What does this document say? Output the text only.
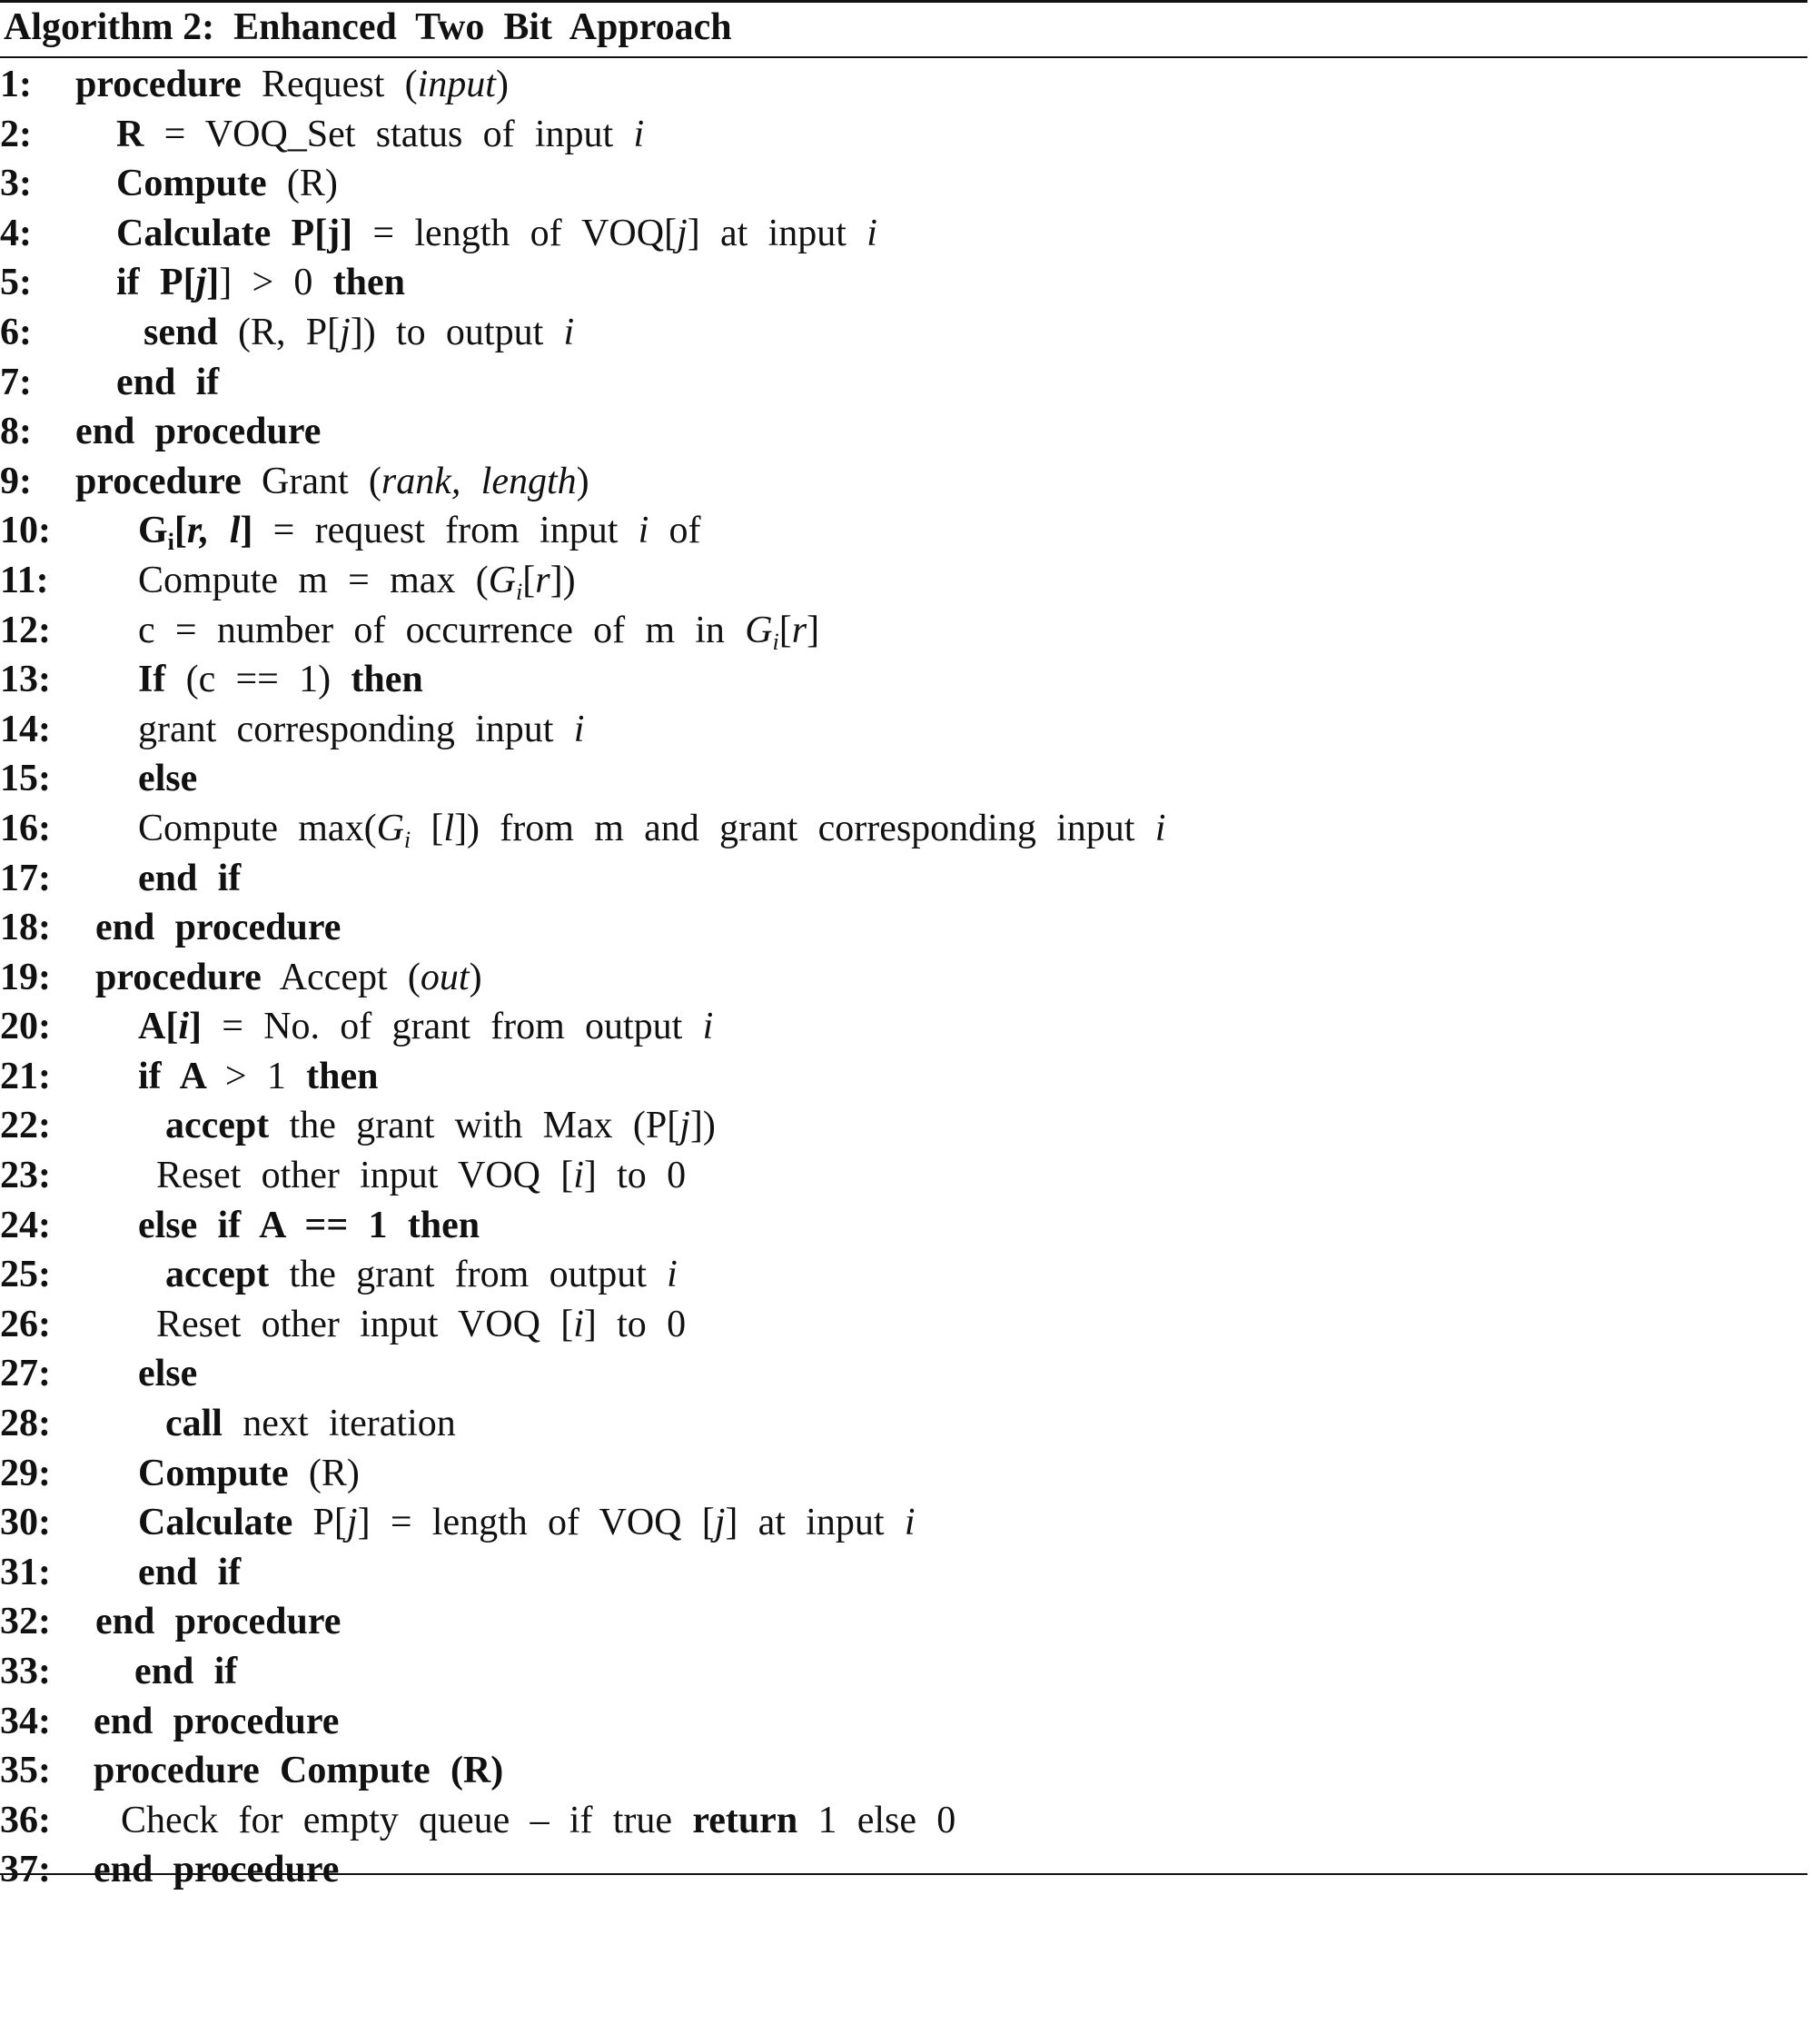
Algorithm 2:  Enhanced  Two  Bit  Approach

1:

procedure Request (input)

2:

R = VOQ_Set status of input i

3:

Compute (R)

4:

Calculate P[j] = length of VOQ[j] at input i

5:

if P[j]] > 0 then

6:

	send (R, P[j]) to output i

7:

end if

8:

end procedure

9:

procedure Grant (rank, length)

10:

$G_i[r$, l] = request from input i of

11:

Compute $m = \max (G_i[r])$

12:

c = number of occurrence of m in $G_i[r]$

13:

If (c == 1) then

14:

grant corresponding input i

15:

else

16:

Compute $\max(G_i$ [l]) from m and grant corresponding input i

17:

end if

18:

end procedure

19:

procedure Accept (out)

20:

A[i] = No. of grant from output i

21:

if A > 1 then

22:

	accept the grant with Max (P[j])

23:

	Reset other input VOQ [i] to 0

24:

else if A == 1 then

25:

	accept the grant from output i

26:

	Reset other input VOQ [i] to 0

27:

else

28:

	call next iteration

29:

Compute (R)

30:

Calculate P[j] = length of VOQ [j] at input i

31:

end if

32:

end procedure

33:

end if

34:

end procedure

35:

procedure Compute (R)

36:

Check for empty queue – if true return 1 else 0

37:

end procedure
